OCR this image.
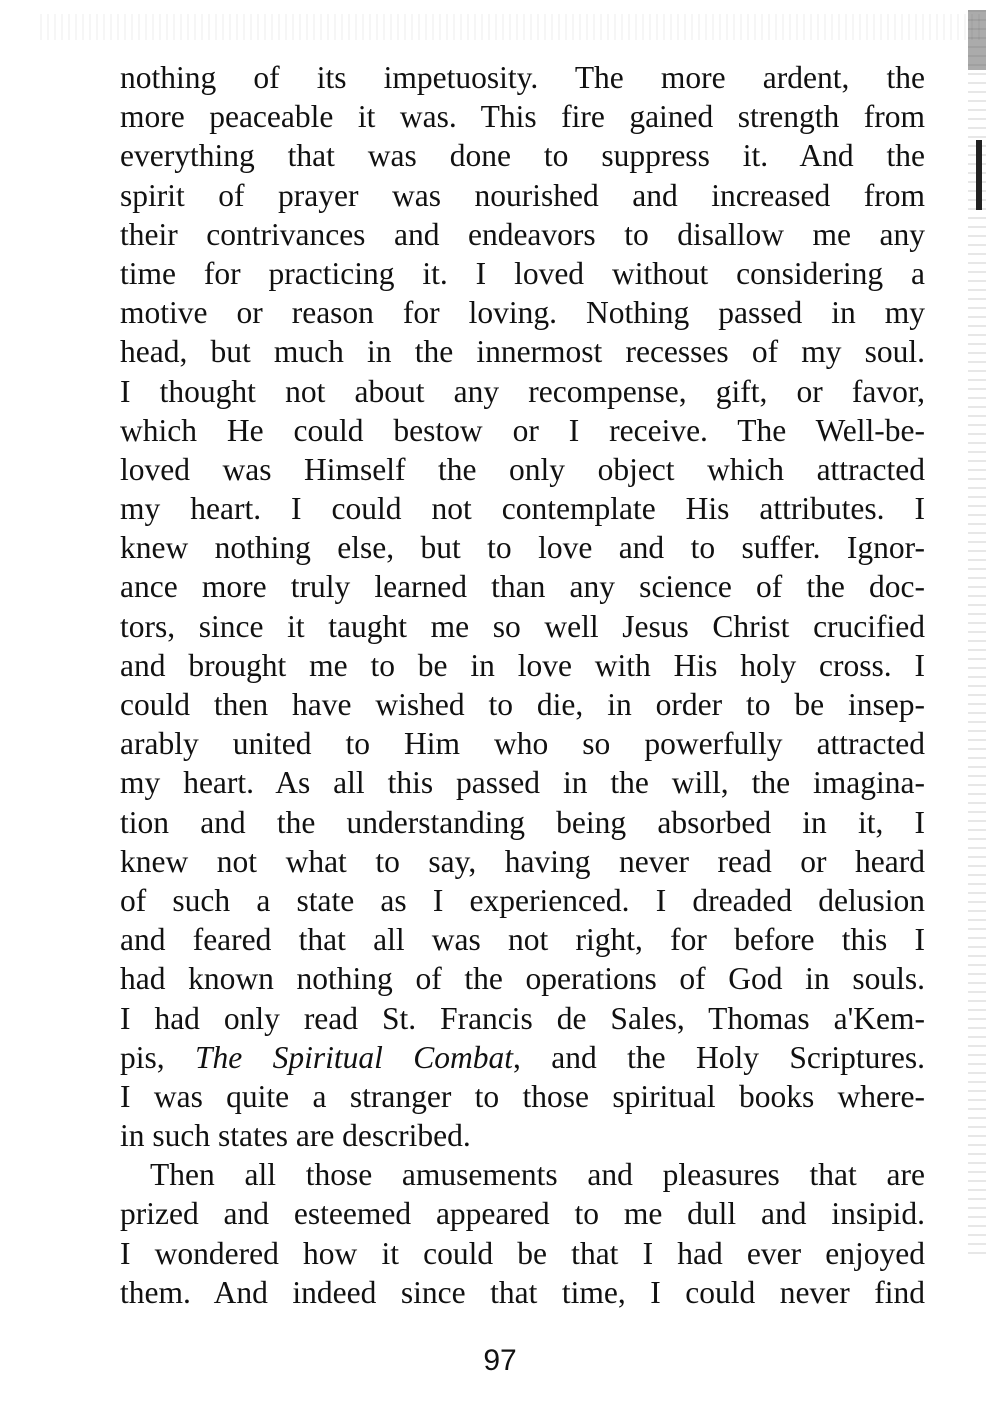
nothing of its impetuosity. The more ardent, the
more peaceable it was. This fire gained strength from
everything that was done to suppress it. And the
spirit of prayer was nourished and increased from
their contrivances and endeavors to disallow me any
time for practicing it. I loved without considering a
motive or reason for loving. Nothing passed in my
head, but much in the innermost recesses of my soul.
I thought not about any recompense, gift, or favor,
which He could bestow or I receive. The Well-be-
loved was Himself the only object which attracted
my heart. I could not contemplate His attributes. I
knew nothing else, but to love and to suffer. Ignor-
ance more truly learned than any science of the doc-
tors, since it taught me so well Jesus Christ crucified
and brought me to be in love with His holy cross. I
could then have wished to die, in order to be insep-
arably united to Him who so powerfully attracted
my heart. As all this passed in the will, the imagina-
tion and the understanding being absorbed in it, I
knew not what to say, having never read or heard
of such a state as I experienced. I dreaded delusion
and feared that all was not right, for before this I
had known nothing of the operations of God in souls.
I had only read St. Francis de Sales, Thomas a'Kem-
pis, The Spiritual Combat, and the Holy Scriptures.
I was quite a stranger to those spiritual books where-
in such states are described.

Then all those amusements and pleasures that are
prized and esteemed appeared to me dull and insipid.
I wondered how it could be that I had ever enjoyed
them. And indeed since that time, I could never find

97
